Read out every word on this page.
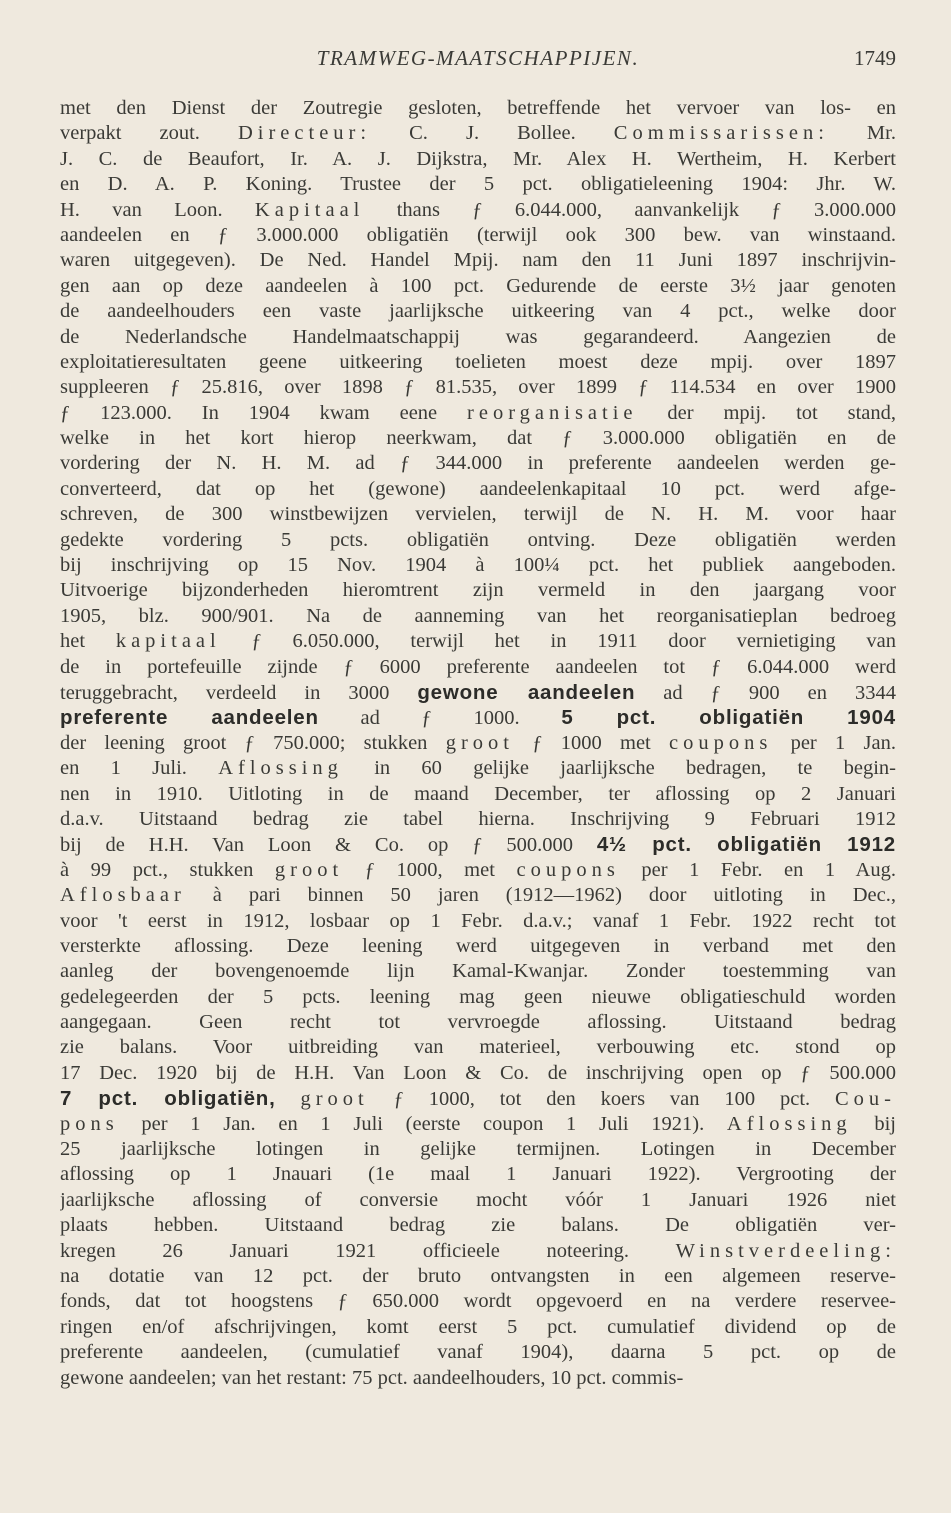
TRAMWEG-MAATSCHAPPIJEN.	1749
met den Dienst der Zoutregie gesloten, betreffende het vervoer van los- en
verpakt zout. Directeur: C. J. Bollee. Commissarissen: Mr.
J. C. de Beaufort, Ir. A. J. Dijkstra, Mr. Alex H. Wertheim, H. Kerbert
en D. A. P. Koning. Trustee der 5 pct. obligatieleening 1904: Jhr. W.
H. van Loon. Kapitaal thans ƒ 6.044.000, aanvankelijk ƒ 3.000.000
aandeelen en ƒ 3.000.000 obligatiën (terwijl ook 300 bew. van winstaand.
waren uitgegeven). De Ned. Handel Mpij. nam den 11 Juni 1897 inschrijvin-
gen aan op deze aandeelen à 100 pct. Gedurende de eerste 3½ jaar genoten
de aandeelhouders een vaste jaarlijksche uitkeering van 4 pct., welke door
de Nederlandsche Handelmaatschappij was gegarandeerd. Aangezien de
exploitatieresultaten geene uitkeering toelieten moest deze mpij. over 1897
suppleeren ƒ 25.816, over 1898 ƒ 81.535, over 1899 ƒ 114.534 en over 1900
ƒ 123.000. In 1904 kwam eene reorganisatie der mpij. tot stand,
welke in het kort hierop neerkwam, dat ƒ 3.000.000 obligatiën en de
vordering der N. H. M. ad ƒ 344.000 in preferente aandeelen werden ge-
converteerd, dat op het (gewone) aandeelenkapitaal 10 pct. werd afge-
schreven, de 300 winstbewijzen vervielen, terwijl de N. H. M. voor haar
gedekte vordering 5 pcts. obligatiën ontving. Deze obligatiën werden
bij inschrijving op 15 Nov. 1904 à 100¼ pct. het publiek aangeboden.
Uitvoerige bijzonderheden hieromtrent zijn vermeld in den jaargang voor
1905, blz. 900/901. Na de aanneming van het reorganisatieplan bedroeg
het kapitaal ƒ 6.050.000, terwijl het in 1911 door vernietiging van
de in portefeuille zijnde ƒ 6000 preferente aandeelen tot ƒ 6.044.000 werd
teruggebracht, verdeeld in 3000 gewone aandeelen ad ƒ 900 en 3344
preferente aandeelen ad ƒ 1000. 5 pct. obligatiën 1904
der leening groot ƒ 750.000; stukken groot ƒ 1000 met coupons per 1 Jan.
en 1 Juli. Aflossing in 60 gelijke jaarlijksche bedragen, te begin-
nen in 1910. Uitloting in de maand December, ter aflossing op 2 Januari
d.a.v. Uitstaand bedrag zie tabel hierna. Inschrijving 9 Februari 1912
bij de H.H. Van Loon & Co. op ƒ 500.000 4½ pct. obligatiën 1912
à 99 pct., stukken groot ƒ 1000, met coupons per 1 Febr. en 1 Aug.
Aflosbaar à pari binnen 50 jaren (1912—1962) door uitloting in Dec.,
voor 't eerst in 1912, losbaar op 1 Febr. d.a.v.; vanaf 1 Febr. 1922 recht tot
versterkte aflossing. Deze leening werd uitgegeven in verband met den
aanleg der bovengenoemde lijn Kamal-Kwanjar. Zonder toestemming van
gedelegeerden der 5 pcts. leening mag geen nieuwe obligatieschuld worden
aangegaan. Geen recht tot vervroegde aflossing. Uitstaand bedrag
zie balans. Voor uitbreiding van materieel, verbouwing etc. stond op
17 Dec. 1920 bij de H.H. Van Loon & Co. de inschrijving open op ƒ 500.000
7 pct. obligatiën, groot ƒ 1000, tot den koers van 100 pct. Cou-
pons per 1 Jan. en 1 Juli (eerste coupon 1 Juli 1921). Aflossing bij
25 jaarlijksche lotingen in gelijke termijnen. Lotingen in December
aflossing op 1 Jnauari (1e maal 1 Januari 1922). Vergrooting der
jaarlijksche aflossing of conversie mocht vóór 1 Januari 1926 niet
plaats hebben. Uitstaand bedrag zie balans. De obligatiën ver-
kregen 26 Januari 1921 officieele noteering. Winstverdeeling:
na dotatie van 12 pct. der bruto ontvangsten in een algemeen reserve-
fonds, dat tot hoogstens ƒ 650.000 wordt opgevoerd en na verdere reservee-
ringen en/of afschrijvingen, komt eerst 5 pct. cumulatief dividend op de
preferente aandeelen, (cumulatief vanaf 1904), daarna 5 pct. op de
gewone aandeelen; van het restant: 75 pct. aandeelhouders, 10 pct. commis-
